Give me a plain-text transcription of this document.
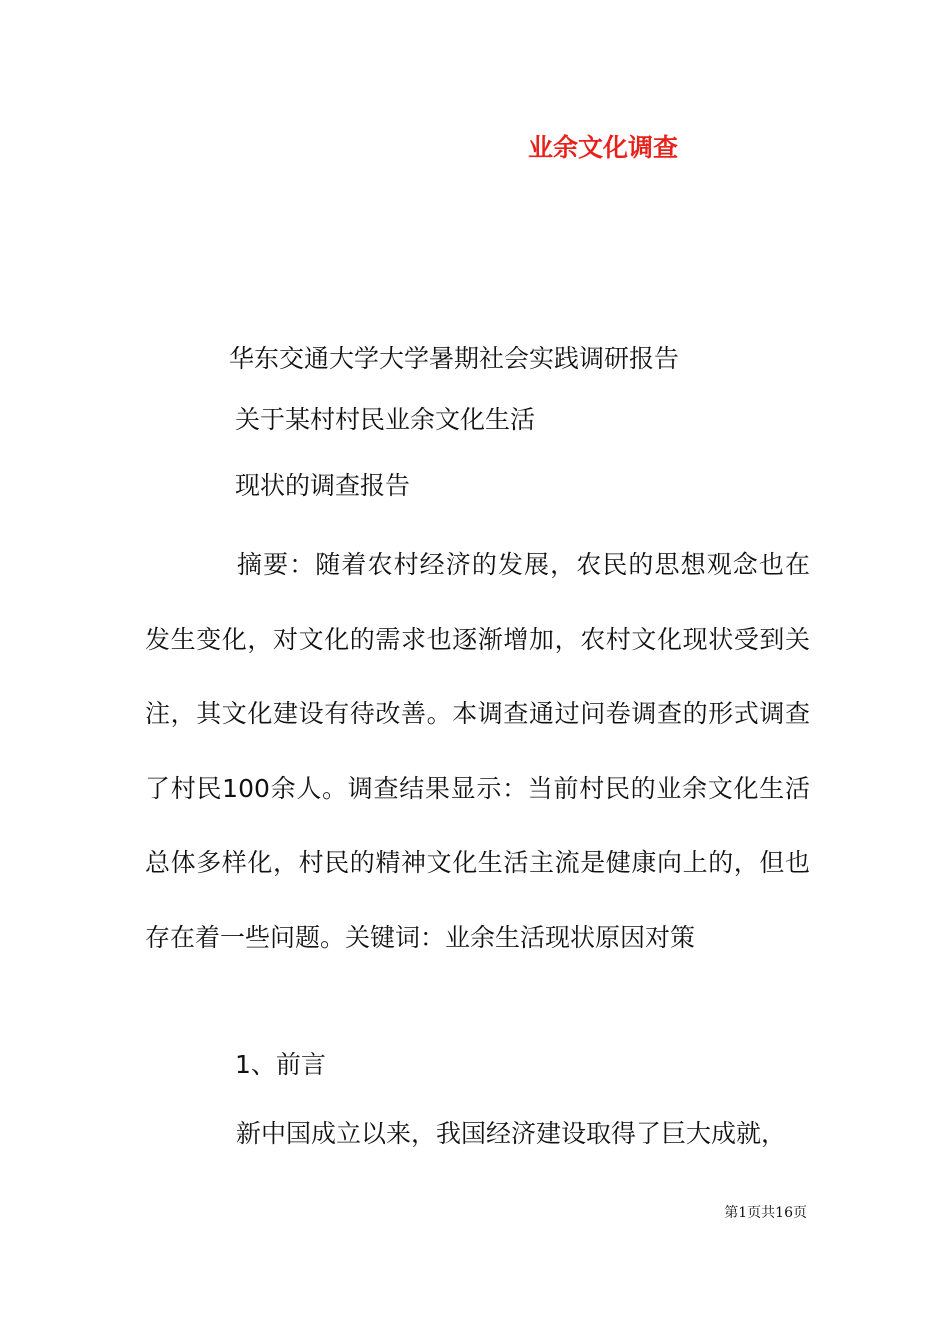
业余文化调查

华东交通大学大学暑期社会实践调研报告

关于某村村民业余文化生活

现状的调查报告

摘要：随着农村经济的发展，农民的思想观念也在发生变化，对文化的需求也逐渐增加，农村文化现状受到关注，其文化建设有待改善。本调查通过问卷调查的形式调查了村民100余人。调查结果显示：当前村民的业余文化生活总体多样化，村民的精神文化生活主流是健康向上的，但也存在着一些问题。关键词：业余生活现状原因对策

1、前言

新中国成立以来，我国经济建设取得了巨大成就，

第1页共16页
